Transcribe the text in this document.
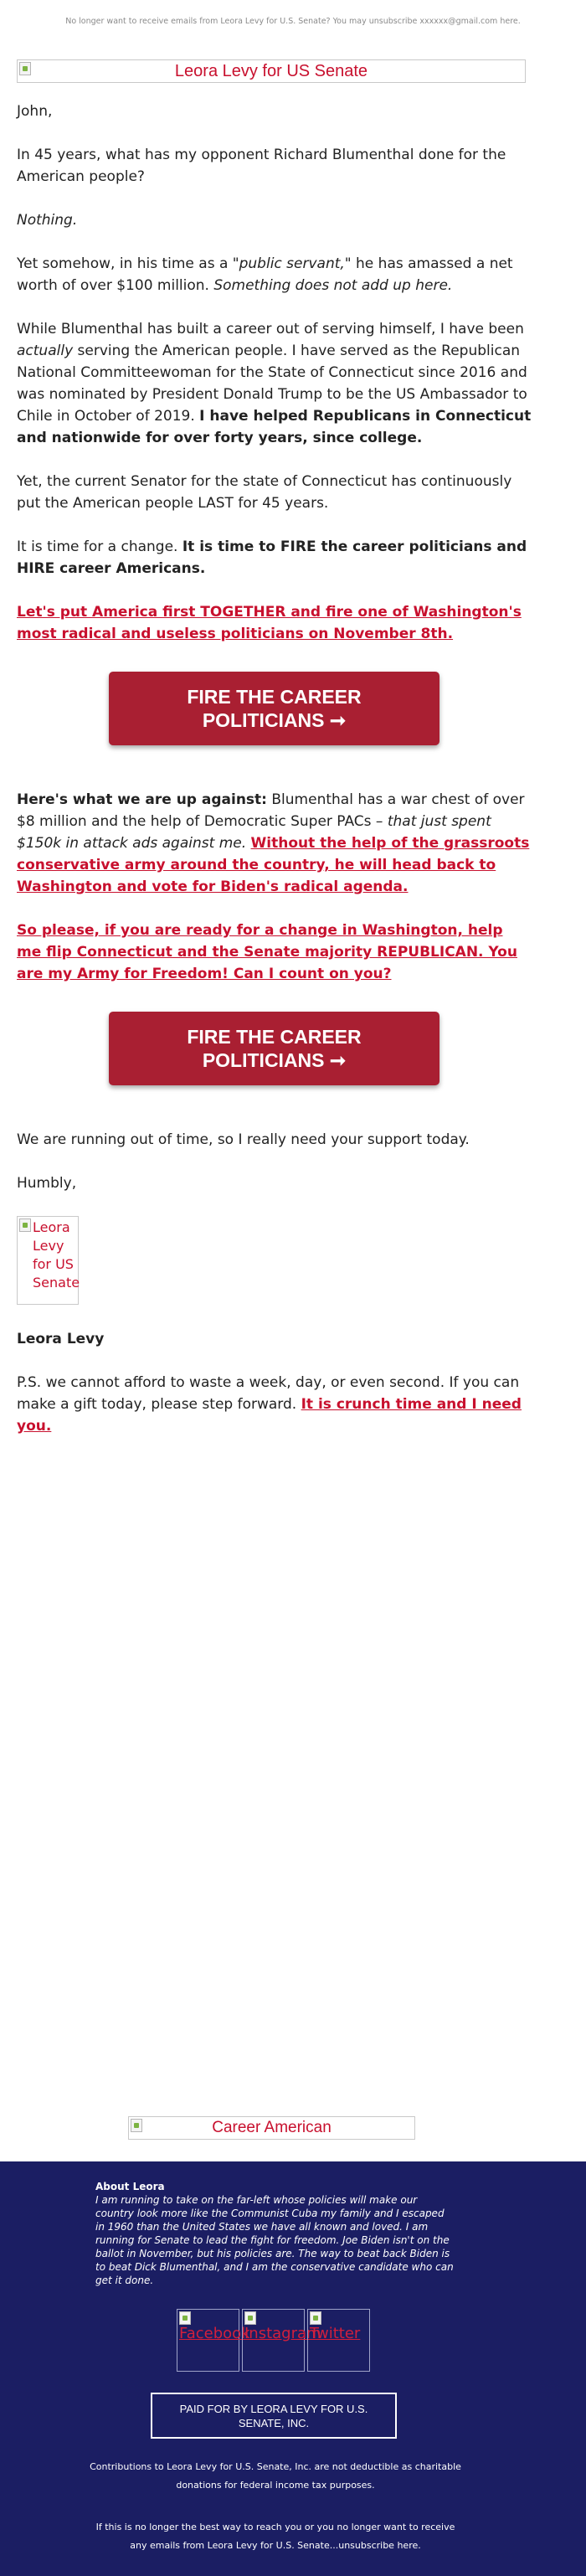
No longer want to receive emails from Leora Levy for U.S. Senate? You may unsubscribe xxxxxx@gmail.com here.
Leora Levy for US Senate

John,

In 45 years, what has my opponent Richard Blumenthal done for the American people?

Nothing.

Yet somehow, in his time as a "public servant," he has amassed a net worth of over $100 million. Something does not add up here.

While Blumenthal has built a career out of serving himself, I have been actually serving the American people. I have served as the Republican National Committeewoman for the State of Connecticut since 2016 and was nominated by President Donald Trump to be the US Ambassador to Chile in October of 2019. I have helped Republicans in Connecticut and nationwide for over forty years, since college.

Yet, the current Senator for the state of Connecticut has continuously put the American people LAST for 45 years.

It is time for a change. It is time to FIRE the career politicians and HIRE career Americans.

Let's put America first TOGETHER and fire one of Washington's most radical and useless politicians on November 8th.

FIRE THE CAREER POLITICIANS ➞

Here's what we are up against: Blumenthal has a war chest of over $8 million and the help of Democratic Super PACs – that just spent $150k in attack ads against me. Without the help of the grassroots conservative army around the country, he will head back to Washington and vote for Biden's radical agenda.

So please, if you are ready for a change in Washington, help me flip Connecticut and the Senate majority REPUBLICAN. You are my Army for Freedom! Can I count on you?

FIRE THE CAREER POLITICIANS ➞

We are running out of time, so I really need your support today.

Humbly,

Leora Levy for US Senate

Leora Levy

P.S. we cannot afford to waste a week, day, or even second. If you can make a gift today, please step forward. It is crunch time and I need you.

Career American
About Leora
I am running to take on the far-left whose policies will make our country look more like the Communist Cuba my family and I escaped in 1960 than the United States we have all known and loved. I am running for Senate to lead the fight for freedom. Joe Biden isn't on the ballot in November, but his policies are. The way to beat back Biden is to beat Dick Blumenthal, and I am the conservative candidate who can get it done.
Facebook
Instagram
Twitter
PAID FOR BY LEORA LEVY FOR U.S. SENATE, INC.
Contributions to Leora Levy for U.S. Senate, Inc. are not deductible as charitable donations for federal income tax purposes.
If this is no longer the best way to reach you or you no longer want to receive any emails from Leora Levy for U.S. Senate...unsubscribe here.
